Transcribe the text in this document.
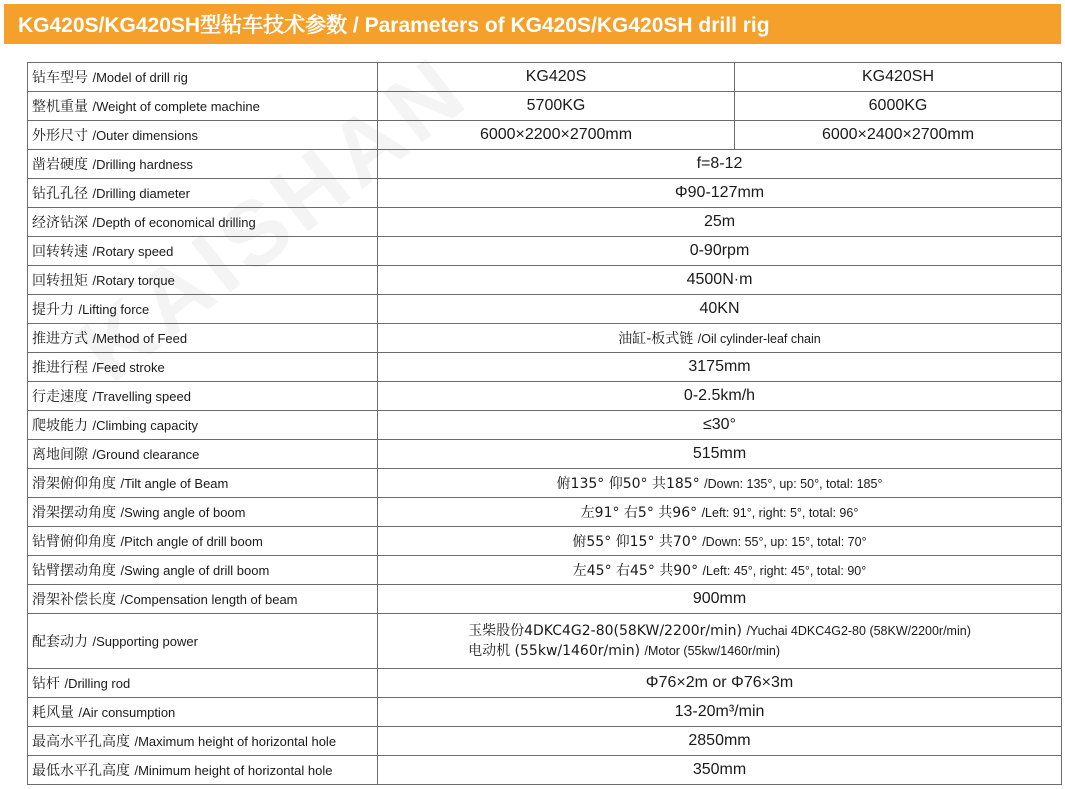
KG420S/KG420SH型钻车技术参数 / Parameters of KG420S/KG420SH drill rig
钻车型号 /Model of drill rig	KG420S	KG420SH
整机重量 /Weight of complete machine	5700KG	6000KG
外形尺寸 /Outer dimensions	6000×2200×2700mm	6000×2400×2700mm
凿岩硬度 /Drilling hardness	f=8-12	
钻孔孔径 /Drilling diameter	Φ90-127mm	
经济钻深 /Depth of economical drilling	25m	
回转转速 /Rotary speed	0-90rpm	
回转扭矩 /Rotary torque	4500N·m	
提升力 /Lifting force	40KN	
推进方式 /Method of Feed	油缸-板式链 /Oil cylinder-leaf chain	
推进行程 /Feed stroke	3175mm	
行走速度 /Travelling speed	0-2.5km/h	
爬坡能力 /Climbing capacity	≤30°	
离地间隙 /Ground clearance	515mm	
滑架俯仰角度 /Tilt angle of Beam	俯135° 仰50° 共185° /Down: 135°, up: 50°, total: 185°	
滑架摆动角度 /Swing angle of boom	左91° 右5° 共96° /Left: 91°, right: 5°, total: 96°	
钻臂俯仰角度 /Pitch angle of drill boom	俯55° 仰15° 共70° /Down: 55°, up: 15°, total: 70°	
钻臂摆动角度 /Swing angle of drill boom	左45° 右45° 共90° /Left: 45°, right: 45°, total: 90°	
滑架补偿长度 /Compensation length of beam	900mm	
配套动力 /Supporting power	玉柴股份4DKC4G2-80(58KW/2200r/min) /Yuchai 4DKC4G2-80 (58KW/2200r/min)
电动机 (55kw/1460r/min) /Motor (55kw/1460r/min)	

钻杆 /Drilling rod	Φ76×2m or Φ76×3m	
耗风量 /Air consumption	13-20m³/min	
最高水平孔高度 /Maximum height of horizontal hole	2850mm	
最低水平孔高度 /Minimum height of horizontal hole	350mm	
